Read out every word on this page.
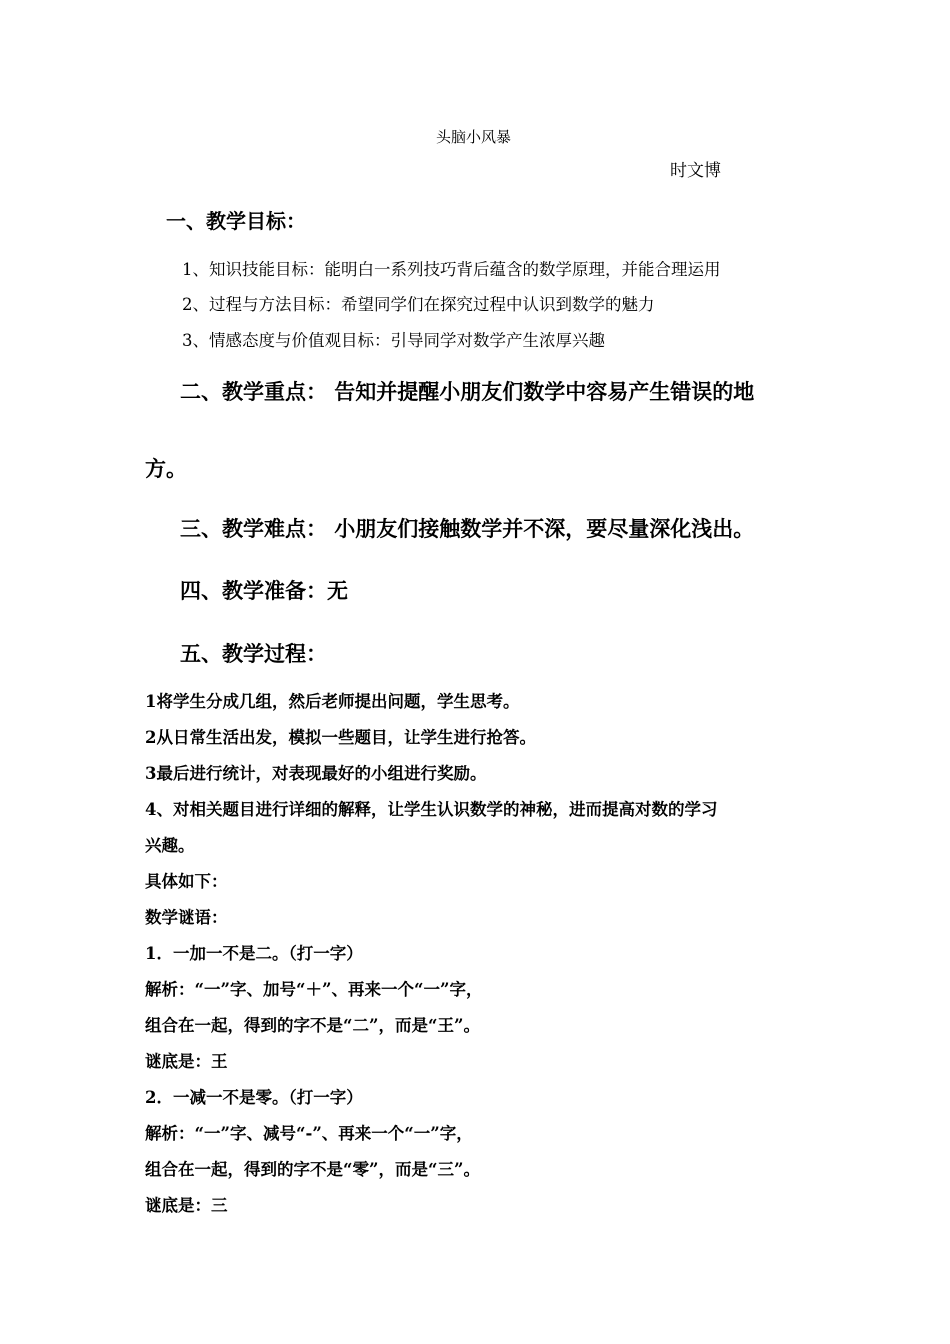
头脑小风暴
时文博
一、教学目标：
1、知识技能目标：能明白一系列技巧背后蕴含的数学原理，并能合理运用
2、过程与方法目标：希望同学们在探究过程中认识到数学的魅力
3、情感态度与价值观目标：引导同学对数学产生浓厚兴趣
二、教学重点： 告知并提醒小朋友们数学中容易产生错误的地
方。
三、教学难点： 小朋友们接触数学并不深，要尽量深化浅出。
四、教学准备：无
五、教学过程：
1将学生分成几组，然后老师提出问题，学生思考。
2从日常生活出发，模拟一些题目，让学生进行抢答。
3最后进行统计，对表现最好的小组进行奖励。
4、对相关题目进行详细的解释，让学生认识数学的神秘，进而提高对数的学习
兴趣。
具体如下：
数学谜语：
1．一加一不是二。（打一字）
解析：“一”字、加号“＋”、再来一个“一”字，
组合在一起，得到的字不是“二”，而是“王”。
谜底是：王
2．一减一不是零。（打一字）
解析：“一”字、减号“-”、再来一个“一”字，
组合在一起，得到的字不是“零”，而是“三”。
谜底是：三
